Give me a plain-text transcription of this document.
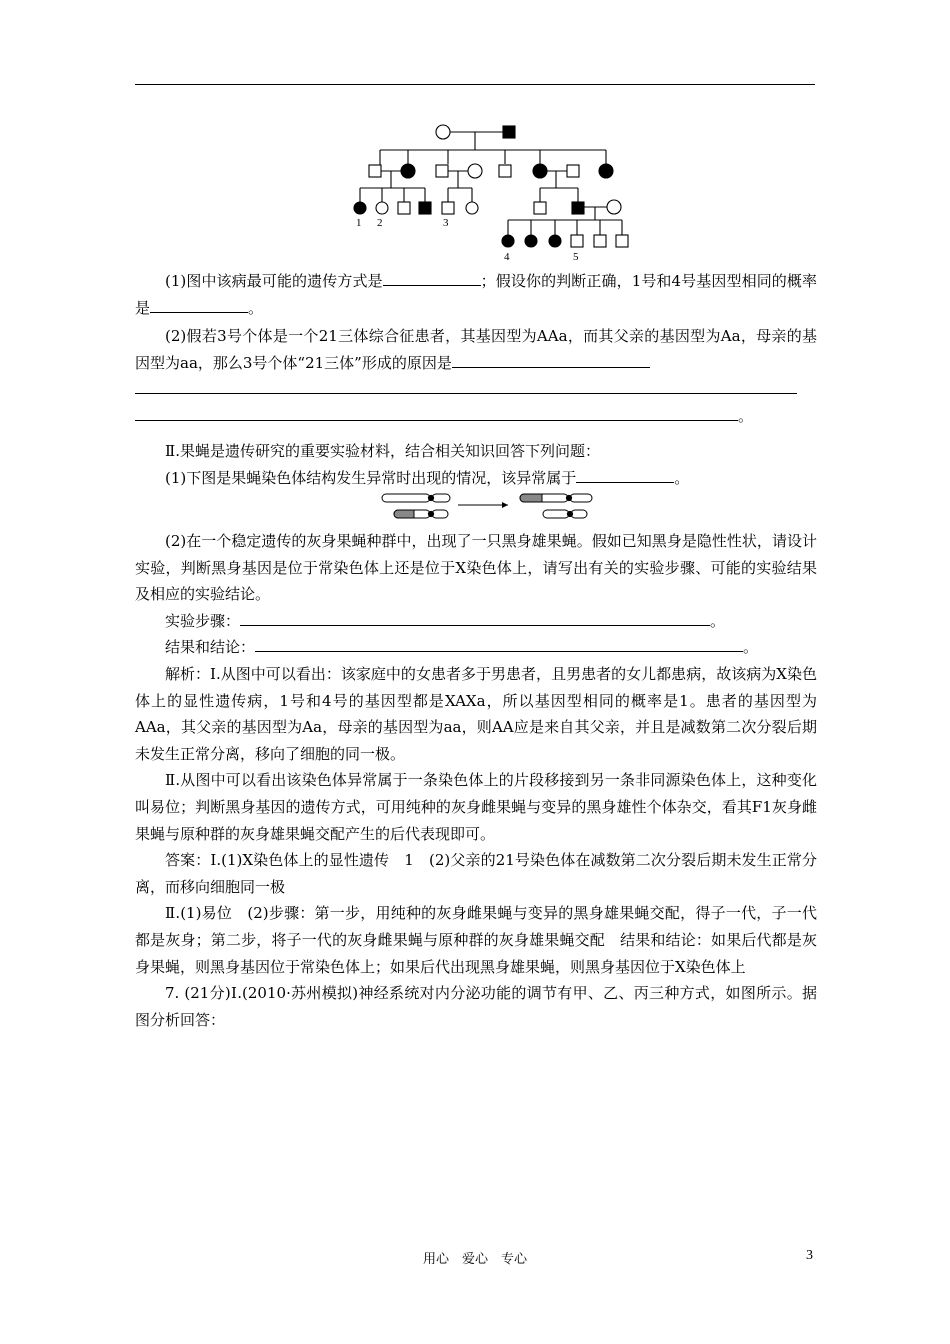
1 2	3
4	5

(1)图中该病最可能的遗传方式是	；假设你的判断正确，1号和4号基因型相同的概率是	。

(2)假若3号个体是一个21三体综合征患者，其基因型为AAa，而其父亲的基因型为Aa，母亲的基因型为aa，那么3号个体“21三体”形成的原因是

。

Ⅱ.果蝇是遗传研究的重要实验材料，结合相关知识回答下列问题：

(1)下图是果蝇染色体结构发生异常时出现的情况，该异常属于	。

(2)在一个稳定遗传的灰身果蝇种群中，出现了一只黑身雄果蝇。假如已知黑身是隐性性状，请设计实验，判断黑身基因是位于常染色体上还是位于X染色体上，请写出有关的实验步骤、可能的实验结果及相应的实验结论。

实验步骤：	。

结果和结论：	。

解析：Ⅰ.从图中可以看出：该家庭中的女患者多于男患者，且男患者的女儿都患病，故该病为X染色体上的显性遗传病，1号和4号的基因型都是XAXa，所以基因型相同的概率是1。患者的基因型为AAa，其父亲的基因型为Aa，母亲的基因型为aa，则AA应是来自其父亲，并且是减数第二次分裂后期未发生正常分离，移向了细胞的同一极。

Ⅱ.从图中可以看出该染色体异常属于一条染色体上的片段移接到另一条非同源染色体上，这种变化叫易位；判断黑身基因的遗传方式，可用纯种的灰身雌果蝇与变异的黑身雄性个体杂交，看其F1灰身雌果蝇与原种群的灰身雄果蝇交配产生的后代表现即可。

答案：Ⅰ.(1)X染色体上的显性遗传　1　(2)父亲的21号染色体在减数第二次分裂后期未发生正常分离，而移向细胞同一极

Ⅱ.(1)易位　(2)步骤：第一步，用纯种的灰身雌果蝇与变异的黑身雄果蝇交配，得子一代，子一代都是灰身；第二步，将子一代的灰身雌果蝇与原种群的灰身雄果蝇交配　结果和结论：如果后代都是灰身果蝇，则黑身基因位于常染色体上；如果后代出现黑身雄果蝇，则黑身基因位于X染色体上

7. (21分)Ⅰ.(2010·苏州模拟)神经系统对内分泌功能的调节有甲、乙、丙三种方式，如图所示。据图分析回答：

用心　爱心　专心	3
